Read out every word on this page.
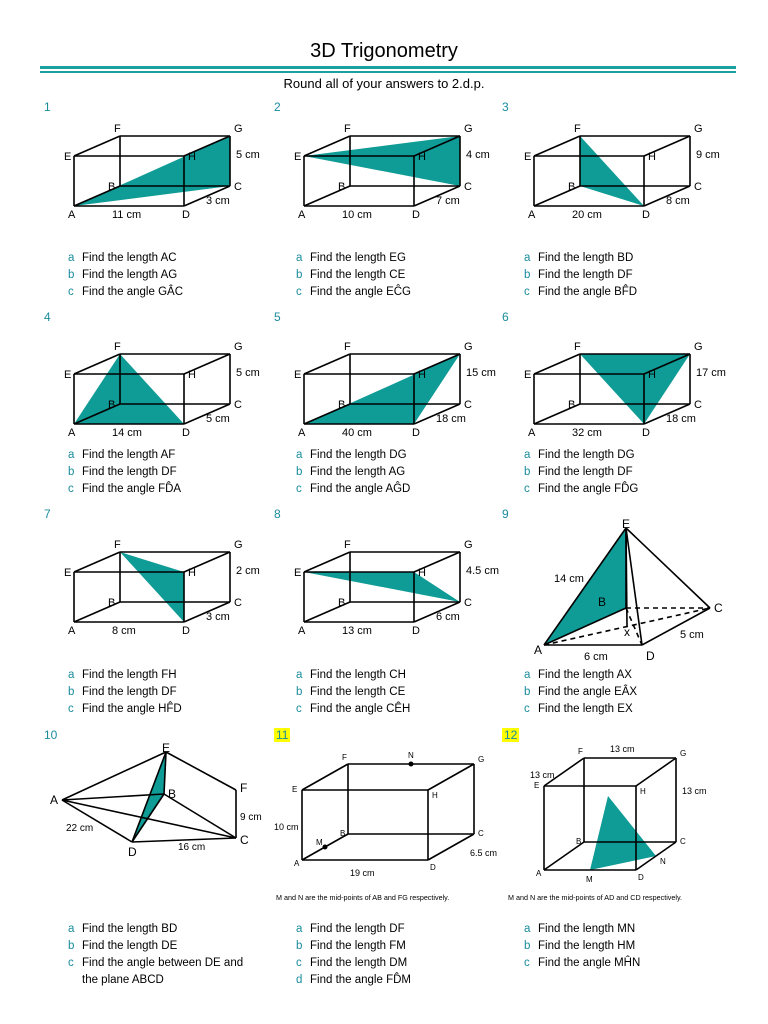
3D Trigonometry
Round all of your answers to 2.d.p.
1
a Find the length AC
b Find the length AG
c Find the angle GÂC
A
B	C
D
E
F	G
H
11 cm
3 cm
5 cm
2
a Find the length EG
b Find the length CE
c Find the angle EĈG
A
B	C
D
E
F	G
H
10 cm
7 cm
4 cm
3
a Find the length BD
b Find the length DF
c Find the angle BF̂D
A
B	C
D
E
F	G
H
20 cm
8 cm
9 cm
4
a Find the length AF
b Find the length DF
c Find the angle FD̂A
A
B	C
D
E
F	G
H
14 cm
5 cm
5 cm
5
a Find the length DG
b Find the length AG
c Find the angle AĜD
A
B	C
D
E
F	G
H
40 cm
18 cm
15 cm
6
a Find the length DG
b Find the length DF
c Find the angle FD̂G
A
B	C
D
E
F	G
H
32 cm
18 cm
17 cm
7
a Find the length FH
b Find the length DF
c Find the angle HF̂D
A
B	C
D
E
F	G
H
8 cm
3 cm
2 cm
8
a Find the length CH
b Find the length CE
c Find the angle CÊH
A
B	C
D
E
F	G
H
13 cm
6 cm
4.5 cm
9
a Find the length AX
b Find the angle EÂX
c Find the length EX
E
A
B	C
D
x
14 cm
6 cm
5 cm
10
a Find the length BD
b Find the length DE
c Find the angle between DE and the plane ABCD
A
D
C
B
E
F
22 cm
16 cm
9 cm
11
a Find the length DF
b Find the length FM
c Find the length DM
d Find the angle FD̂M
A
B	C
D
E
F	G
H
M
N
19 cm
6.5 cm
10 cm
M and N are the mid-points of AB and FG respectively.
12
a Find the length MN
b Find the length HM
c Find the angle MĤN
A
B	C
D
E
F	G
H
M
N
13 cm
13 cm
13 cm
M and N are the mid-points of AD and CD respectively.
